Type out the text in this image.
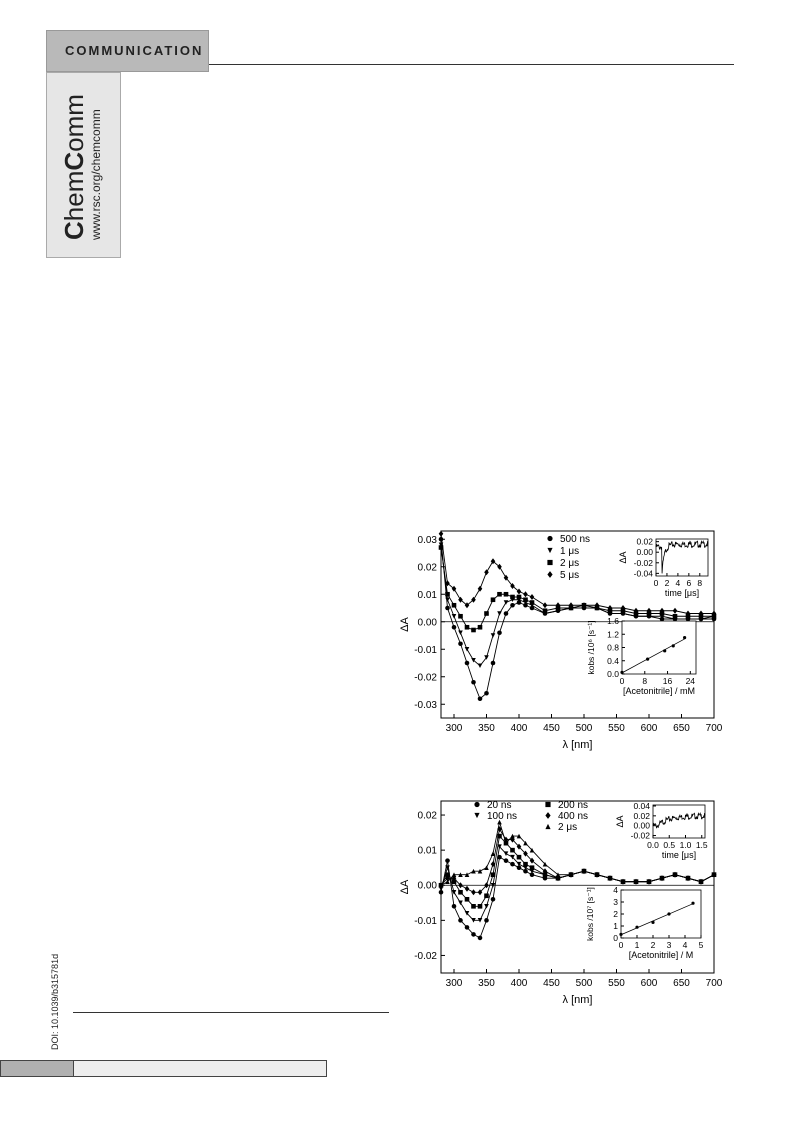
COMMUNICATION
ChemComm www.rsc.org/chemcomm
300 350 400 450 500 550 600 650 700
0.03
0.02
0.01
0.00
-0.01
-0.02
-0.03
λ [nm]
ΔA
500 ns
1 μs
2 μs
5 μs
0 2 4 6 8
0.02
0.00
-0.02
-0.04
time [μs]
ΔA
0 8 16 24
1.6
1.2
0.8
0.4
0.0
[Acetonitrile] / mM
kobs /10⁶ [s⁻¹]
300 350 400 450 500 550 600 650 700
0.02
0.01
0.00
-0.01
-0.02
λ [nm]
ΔA
20 ns
100 ns
200 ns
400 ns
2 μs
0.0 0.5 1.0 1.5
0.04
0.02
0.00
-0.02
time [μs]
ΔA
0 1 2 3 4 5
4
3
2
1
0
[Acetonitrile] / M
kobs /10⁷ [s⁻¹]
DOI: 10.1039/b315781d
